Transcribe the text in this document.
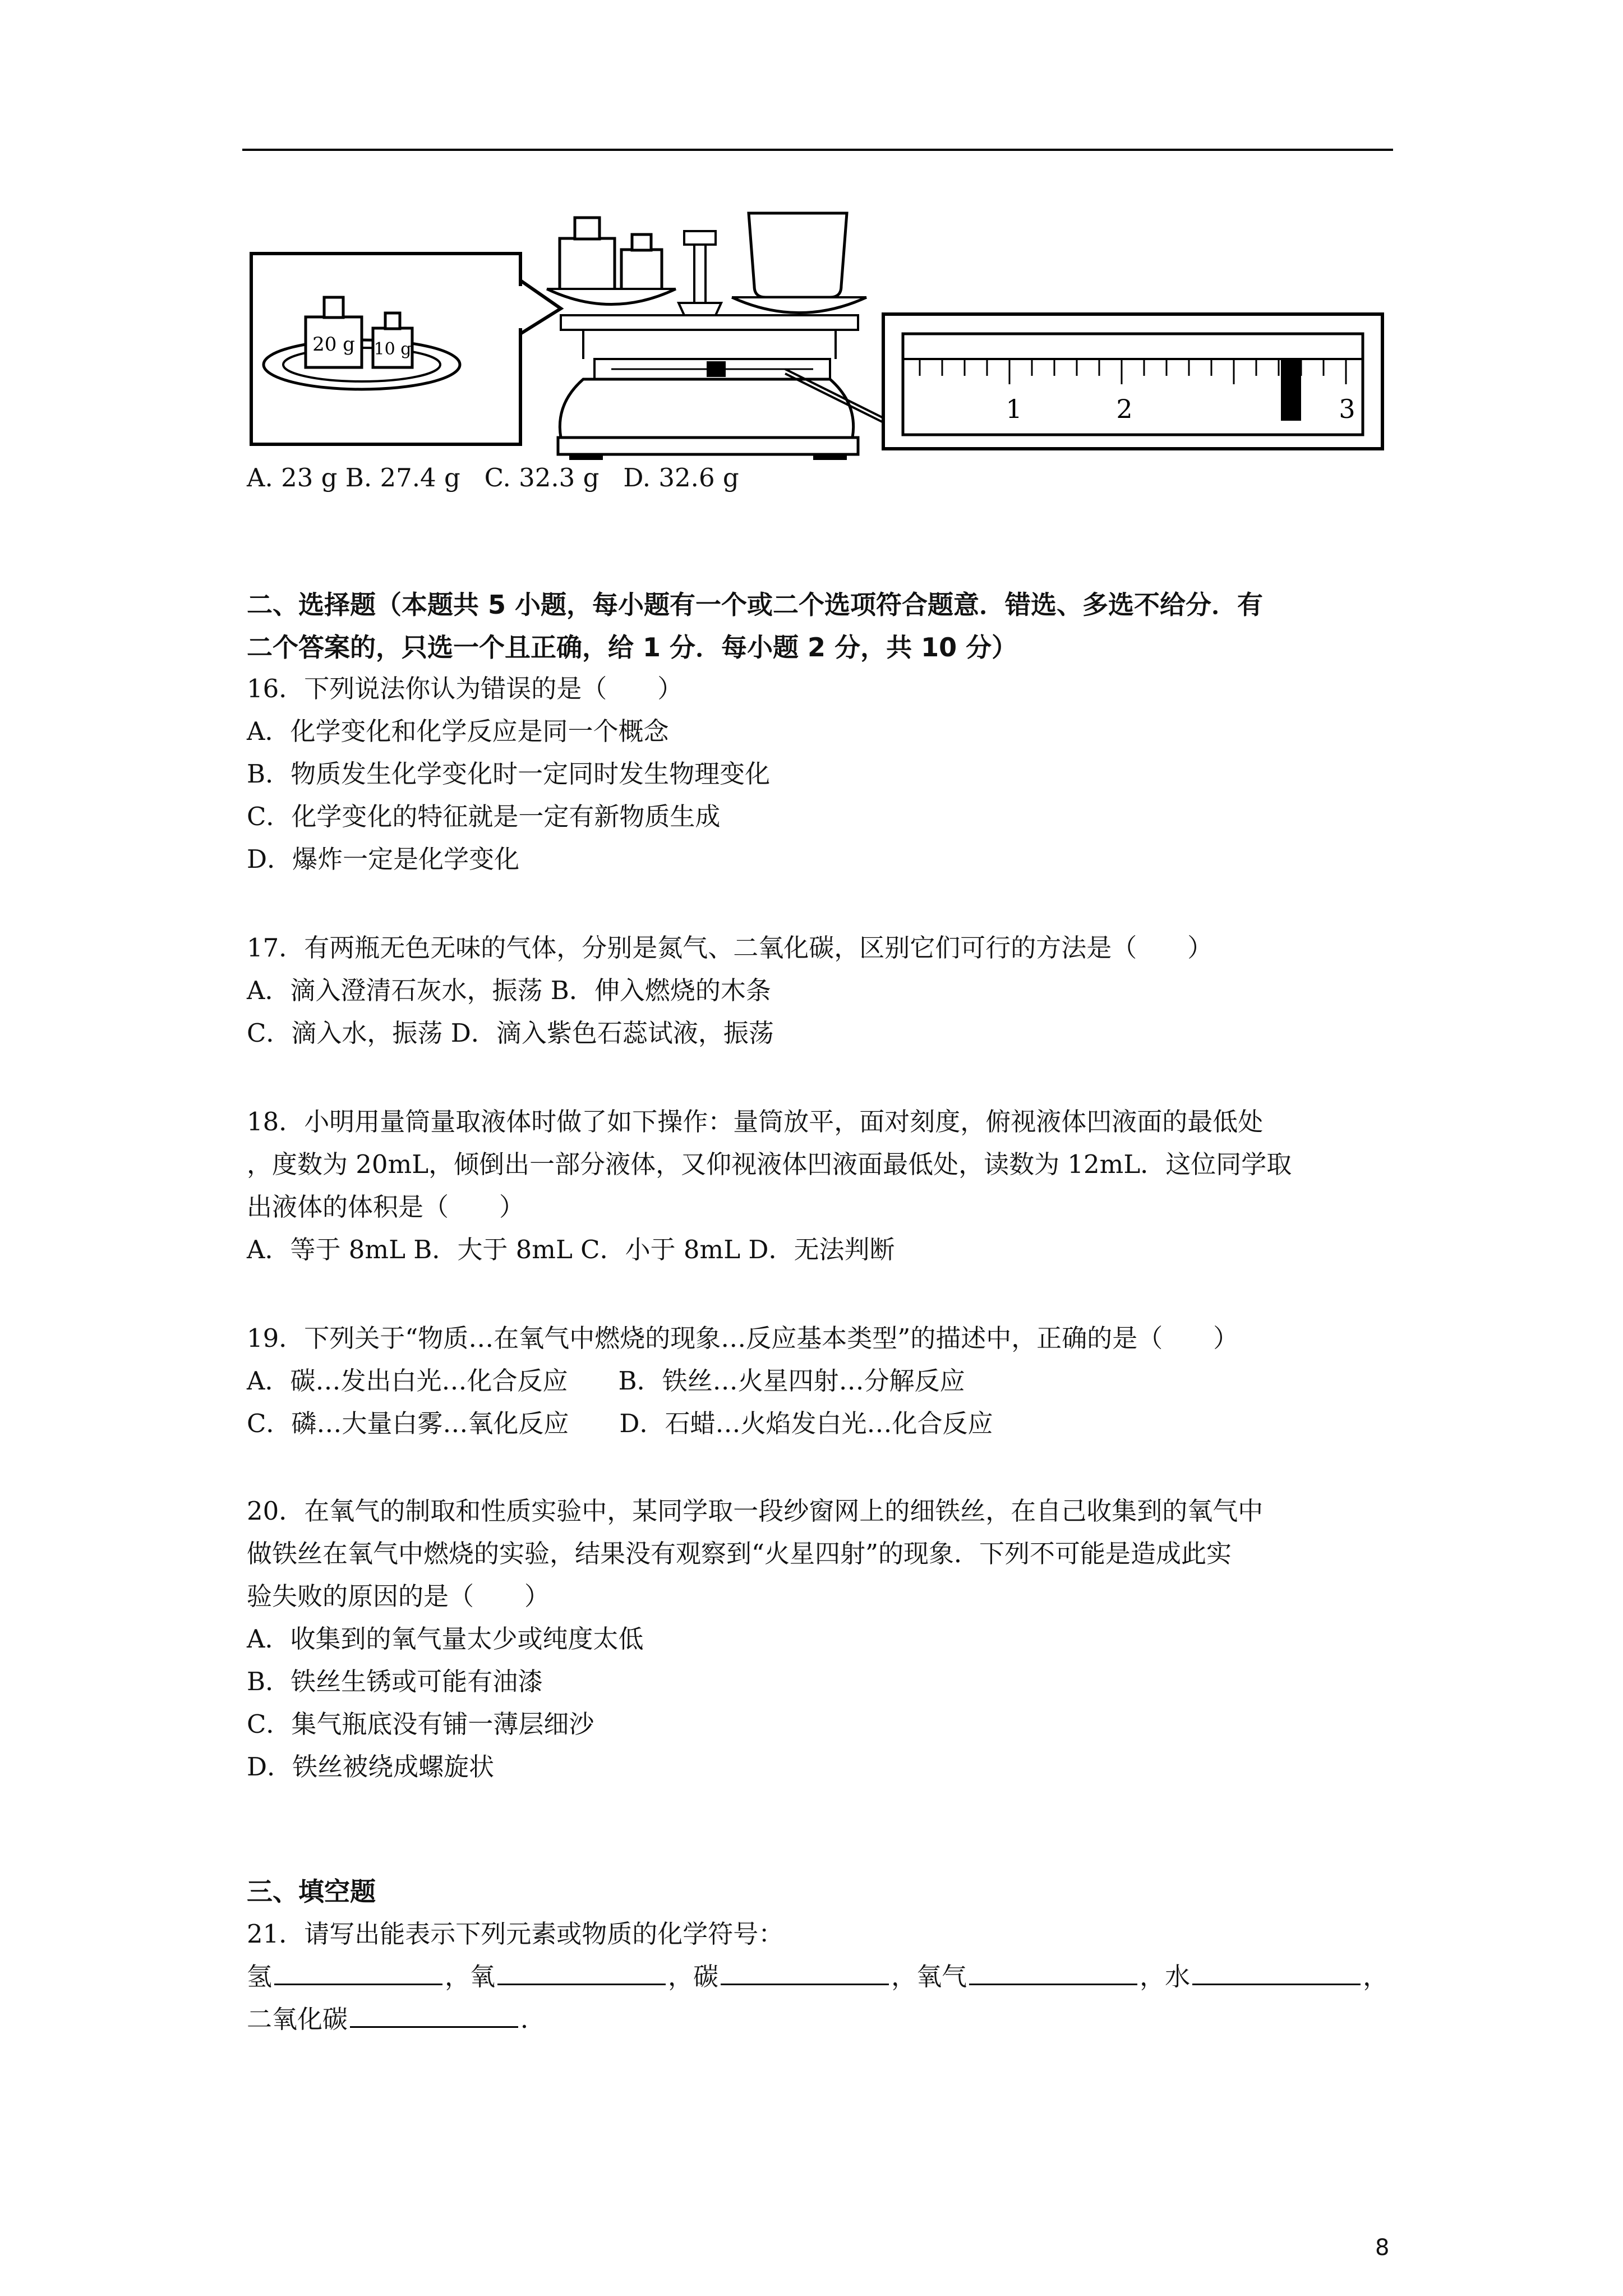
20 g 10 g
1	2	3
A. 23 g B. 27.4 g   C. 32.3 g   D. 32.6 g
二、选择题（本题共 5 小题，每小题有一个或二个选项符合题意．错选、多选不给分．有
二个答案的，只选一个且正确，给 1 分．每小题 2 分，共 10 分）
16．下列说法你认为错误的是（　　）
A．化学变化和化学反应是同一个概念
B．物质发生化学变化时一定同时发生物理变化
C．化学变化的特征就是一定有新物质生成
D．爆炸一定是化学变化
17．有两瓶无色无味的气体，分别是氮气、二氧化碳，区别它们可行的方法是（　　）
A．滴入澄清石灰水，振荡 B．伸入燃烧的木条
C．滴入水，振荡 D．滴入紫色石蕊试液，振荡
18．小明用量筒量取液体时做了如下操作：量筒放平，面对刻度，俯视液体凹液面的最低处
，度数为 20mL，倾倒出一部分液体，又仰视液体凹液面最低处，读数为 12mL．这位同学取
出液体的体积是（　　）
A．等于 8mL B．大于 8mL C．小于 8mL D．无法判断
19．下列关于“物质…在氧气中燃烧的现象…反应基本类型”的描述中，正确的是（　　）
A．碳…发出白光…化合反应　　B．铁丝…火星四射…分解反应
C．磷…大量白雾…氧化反应　　D．石蜡…火焰发白光…化合反应
20．在氧气的制取和性质实验中，某同学取一段纱窗网上的细铁丝，在自己收集到的氧气中
做铁丝在氧气中燃烧的实验，结果没有观察到“火星四射”的现象．下列不可能是造成此实
验失败的原因的是（　　）
A．收集到的氧气量太少或纯度太低
B．铁丝生锈或可能有油漆
C．集气瓶底没有铺一薄层细沙
D．铁丝被绕成螺旋状
三、填空题
21．请写出能表示下列元素或物质的化学符号：
氢	，氧	，碳	，氧气	，水	，
二氧化碳	．
8
